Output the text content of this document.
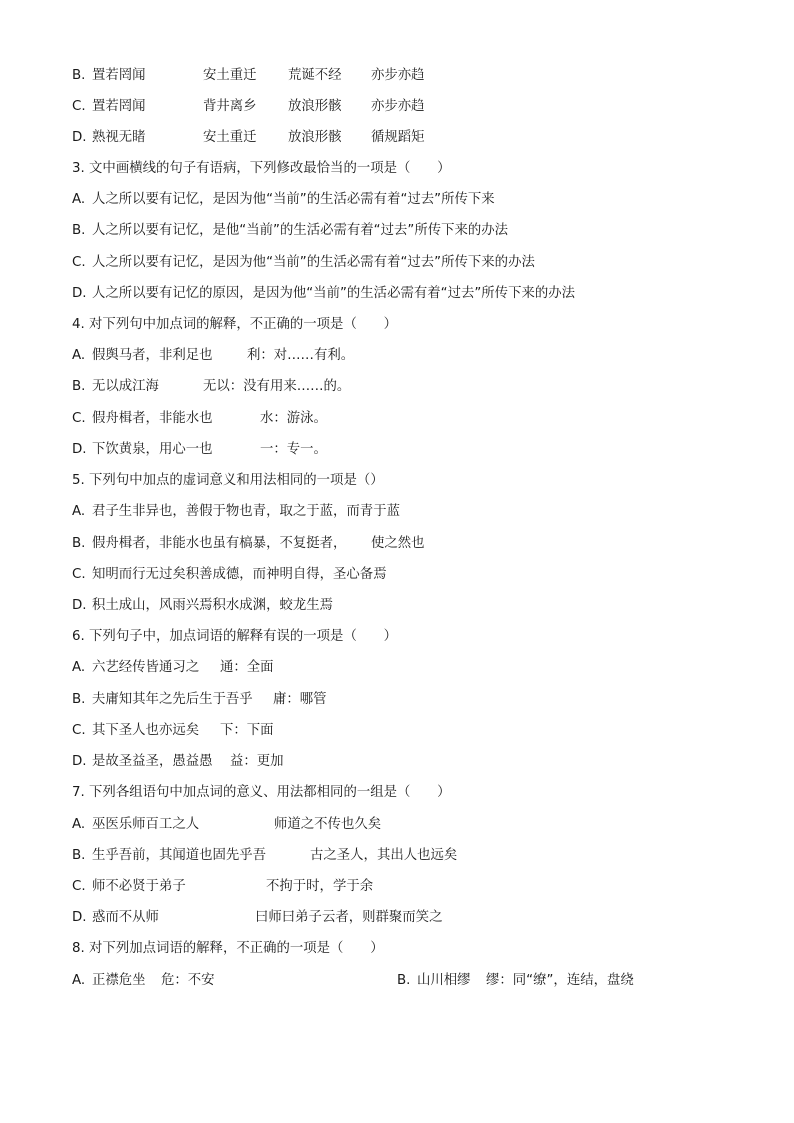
B. 置若罔闻	安土重迁 荒诞不经 亦步亦趋
C. 置若罔闻	背井离乡 放浪形骸 亦步亦趋
D. 熟视无睹	安土重迁 放浪形骸 循规蹈矩
3. 文中画横线的句子有语病，下列修改最恰当的一项是（　　）
A. 人之所以要有记忆，是因为他“当前”的生活必需有着“过去”所传下来
B. 人之所以要有记忆，是他“当前”的生活必需有着“过去”所传下来的办法
C. 人之所以要有记忆，是因为他“当前”的生活必需有着“过去”所传下来的办法
D. 人之所以要有记忆的原因，是因为他“当前”的生活必需有着“过去”所传下来的办法
4. 对下列句中加点词的解释，不正确的一项是（　　）
A. 假舆马者，非利足也	利：对……有利。
B. 无以成江海	无以：没有用来……的。
C. 假舟楫者，非能水也	水：游泳。
D. 下饮黄泉，用心一也	一：专一。
5. 下列句中加点的虚词意义和用法相同的一项是（）
A. 君子生非异也，善假于物也青，取之于蓝，而青于蓝
B. 假舟楫者，非能水也虽有槁暴，不复挺者， 使之然也
C. 知明而行无过矣积善成德，而神明自得，圣心备焉
D. 积土成山，风雨兴焉积水成渊，蛟龙生焉
6. 下列句子中，加点词语的解释有误的一项是（　　）
A. 六艺经传皆通习之 通：全面
B. 夫庸知其年之先后生于吾乎 庸：哪管
C. 其下圣人也亦远矣 下：下面
D. 是故圣益圣，愚益愚 益：更加
7. 下列各组语句中加点词的意义、用法都相同的一组是（　　）
A. 巫医乐师百工之人	师道之不传也久矣
B. 生乎吾前，其闻道也固先乎吾	古之圣人，其出人也远矣
C. 师不必贤于弟子	不拘于时，学于余
D. 惑而不从师	曰师曰弟子云者，则群聚而笑之
8. 对下列加点词语的解释，不正确的一项是（　　）
A. 正襟危坐 危：不安	B. 山川相缪 缪：同“缭”，连结，盘绕
